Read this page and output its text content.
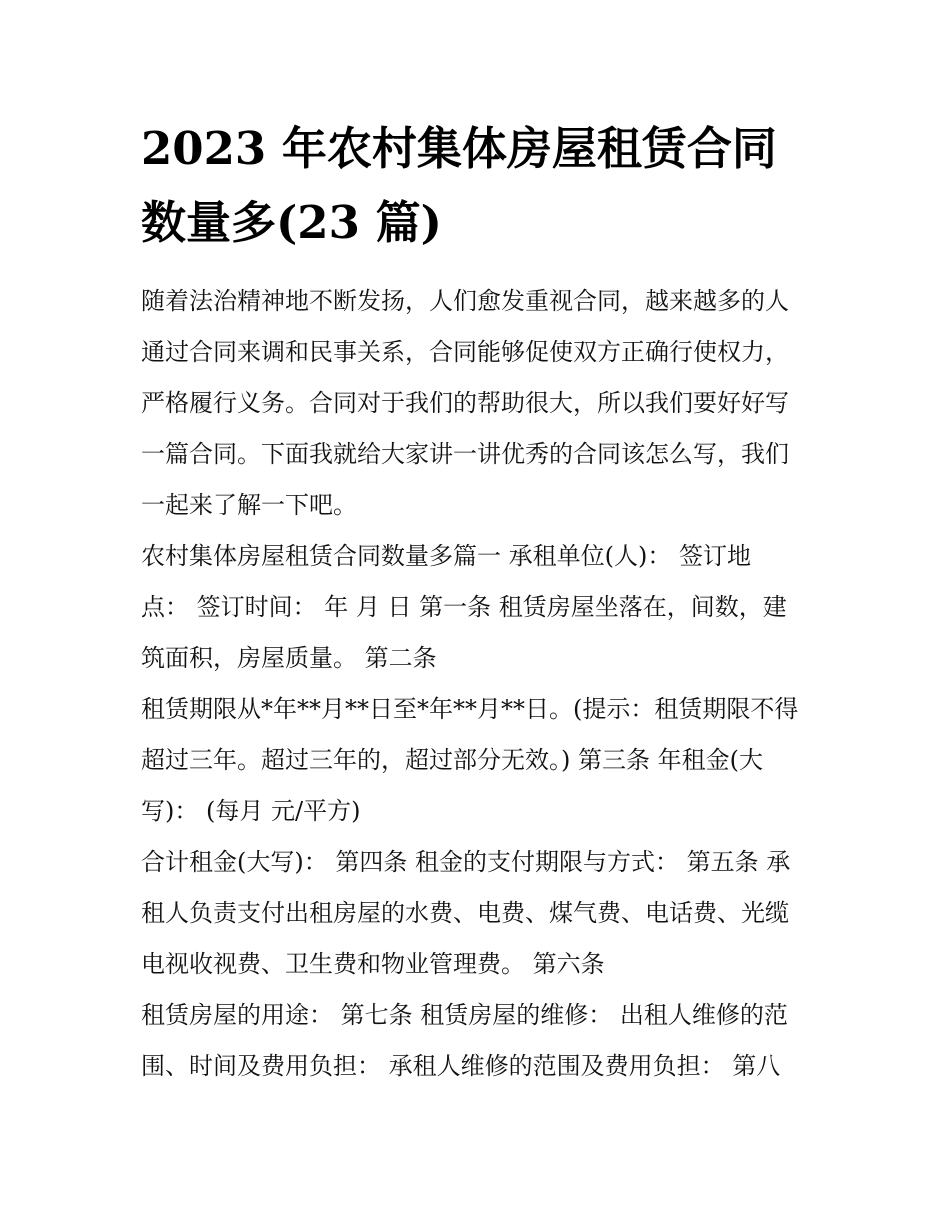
2023 年农村集体房屋租赁合同
数量多(23 篇)

随着法治精神地不断发扬，人们愈发重视合同，越来越多的人
通过合同来调和民事关系，合同能够促使双方正确行使权力，
严格履行义务。合同对于我们的帮助很大，所以我们要好好写
一篇合同。下面我就给大家讲一讲优秀的合同该怎么写，我们
一起来了解一下吧。

农村集体房屋租赁合同数量多篇一 承租单位(人)： 签订地
点： 签订时间： 年 月 日 第一条 租赁房屋坐落在，间数，建
筑面积，房屋质量。 第二条

租赁期限从*年**月**日至*年**月**日。(提示：租赁期限不得
超过三年。超过三年的，超过部分无效。) 第三条 年租金(大
写)： (每月 元/平方)

合计租金(大写)： 第四条 租金的支付期限与方式： 第五条 承
租人负责支付出租房屋的水费、电费、煤气费、电话费、光缆
电视收视费、卫生费和物业管理费。 第六条

租赁房屋的用途： 第七条 租赁房屋的维修： 出租人维修的范
围、时间及费用负担： 承租人维修的范围及费用负担： 第八
